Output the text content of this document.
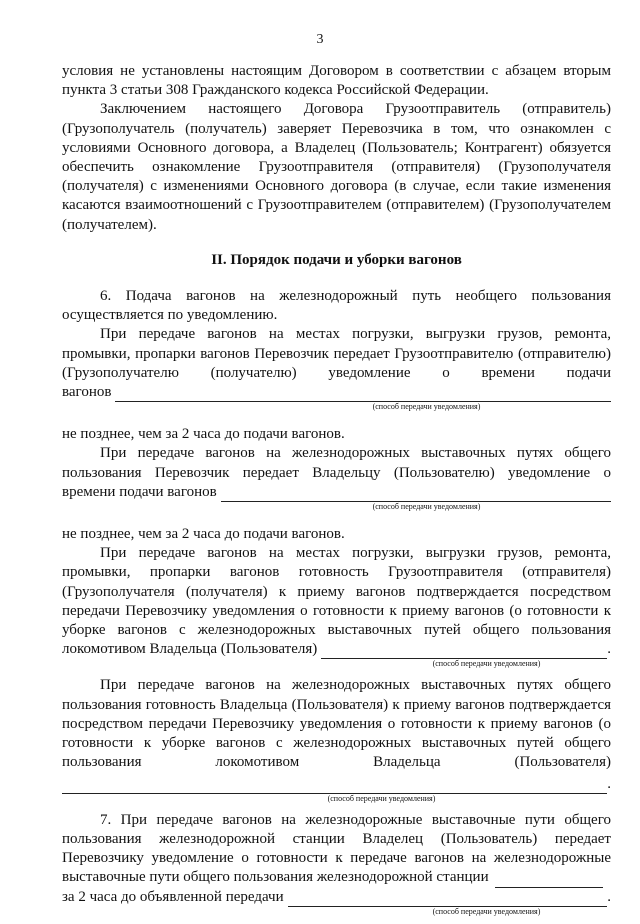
3

условия не установлены настоящим Договором в соответствии с абзацем вторым

пункта 3 статьи 308 Гражданского кодекса Российской Федерации.

Заключением настоящего Договора Грузоотправитель (отправитель) (Грузополучатель (получатель) заверяет Перевозчика в том, что ознакомлен с условиями Основного договора, а Владелец (Пользователь; Контрагент) обязуется обеспечить ознакомление Грузоотправителя (отправителя) (Грузополучателя (получателя) с изменениями Основного договора (в случае, если такие изменения касаются взаимоотношений с Грузоотправителем (отправителем) (Грузополучателем (получателем).

II. Порядок подачи и уборки вагонов

6. Подача вагонов на железнодорожный путь необщего пользования осуществляется по уведомлению.

При передаче вагонов на местах погрузки, выгрузки грузов, ремонта, промывки, пропарки вагонов Перевозчик передает Грузоотправителю (отправителю) (Грузополучателю (получателю) уведомление о времени подачи

вагонов
(способ передачи уведомления)

не позднее, чем за 2 часа до подачи вагонов.

При передаче вагонов на железнодорожных выставочных путях общего пользования Перевозчик передает Владельцу (Пользователю) уведомление о

времени подачи вагонов
(способ передачи уведомления)

не позднее, чем за 2 часа до подачи вагонов.

При передаче вагонов на местах погрузки, выгрузки грузов, ремонта, промывки, пропарки вагонов готовность Грузоотправителя (отправителя) (Грузополучателя (получателя) к приему вагонов подтверждается посредством передачи Перевозчику уведомления о готовности к приему вагонов (о готовности к уборке вагонов с железнодорожных выставочных путей общего пользования

локомотивом Владельца (Пользователя)	.
(способ передачи уведомления)

При передаче вагонов на железнодорожных выставочных путях общего пользования готовность Владельца (Пользователя) к приему вагонов подтверждается посредством передачи Перевозчику уведомления о готовности к приему вагонов (о готовности к уборке вагонов с железнодорожных выставочных путей общего пользования локомотивом Владельца (Пользователя)

.
(способ передачи уведомления)

7. При передаче вагонов на железнодорожные выставочные пути общего пользования железнодорожной станции Владелец (Пользователь) передает Перевозчику уведомление о готовности к передаче вагонов на железнодорожные

выставочные пути общего пользования железнодорожной станции
за 2 часа до объявленной передачи	.
(способ передачи уведомления)
